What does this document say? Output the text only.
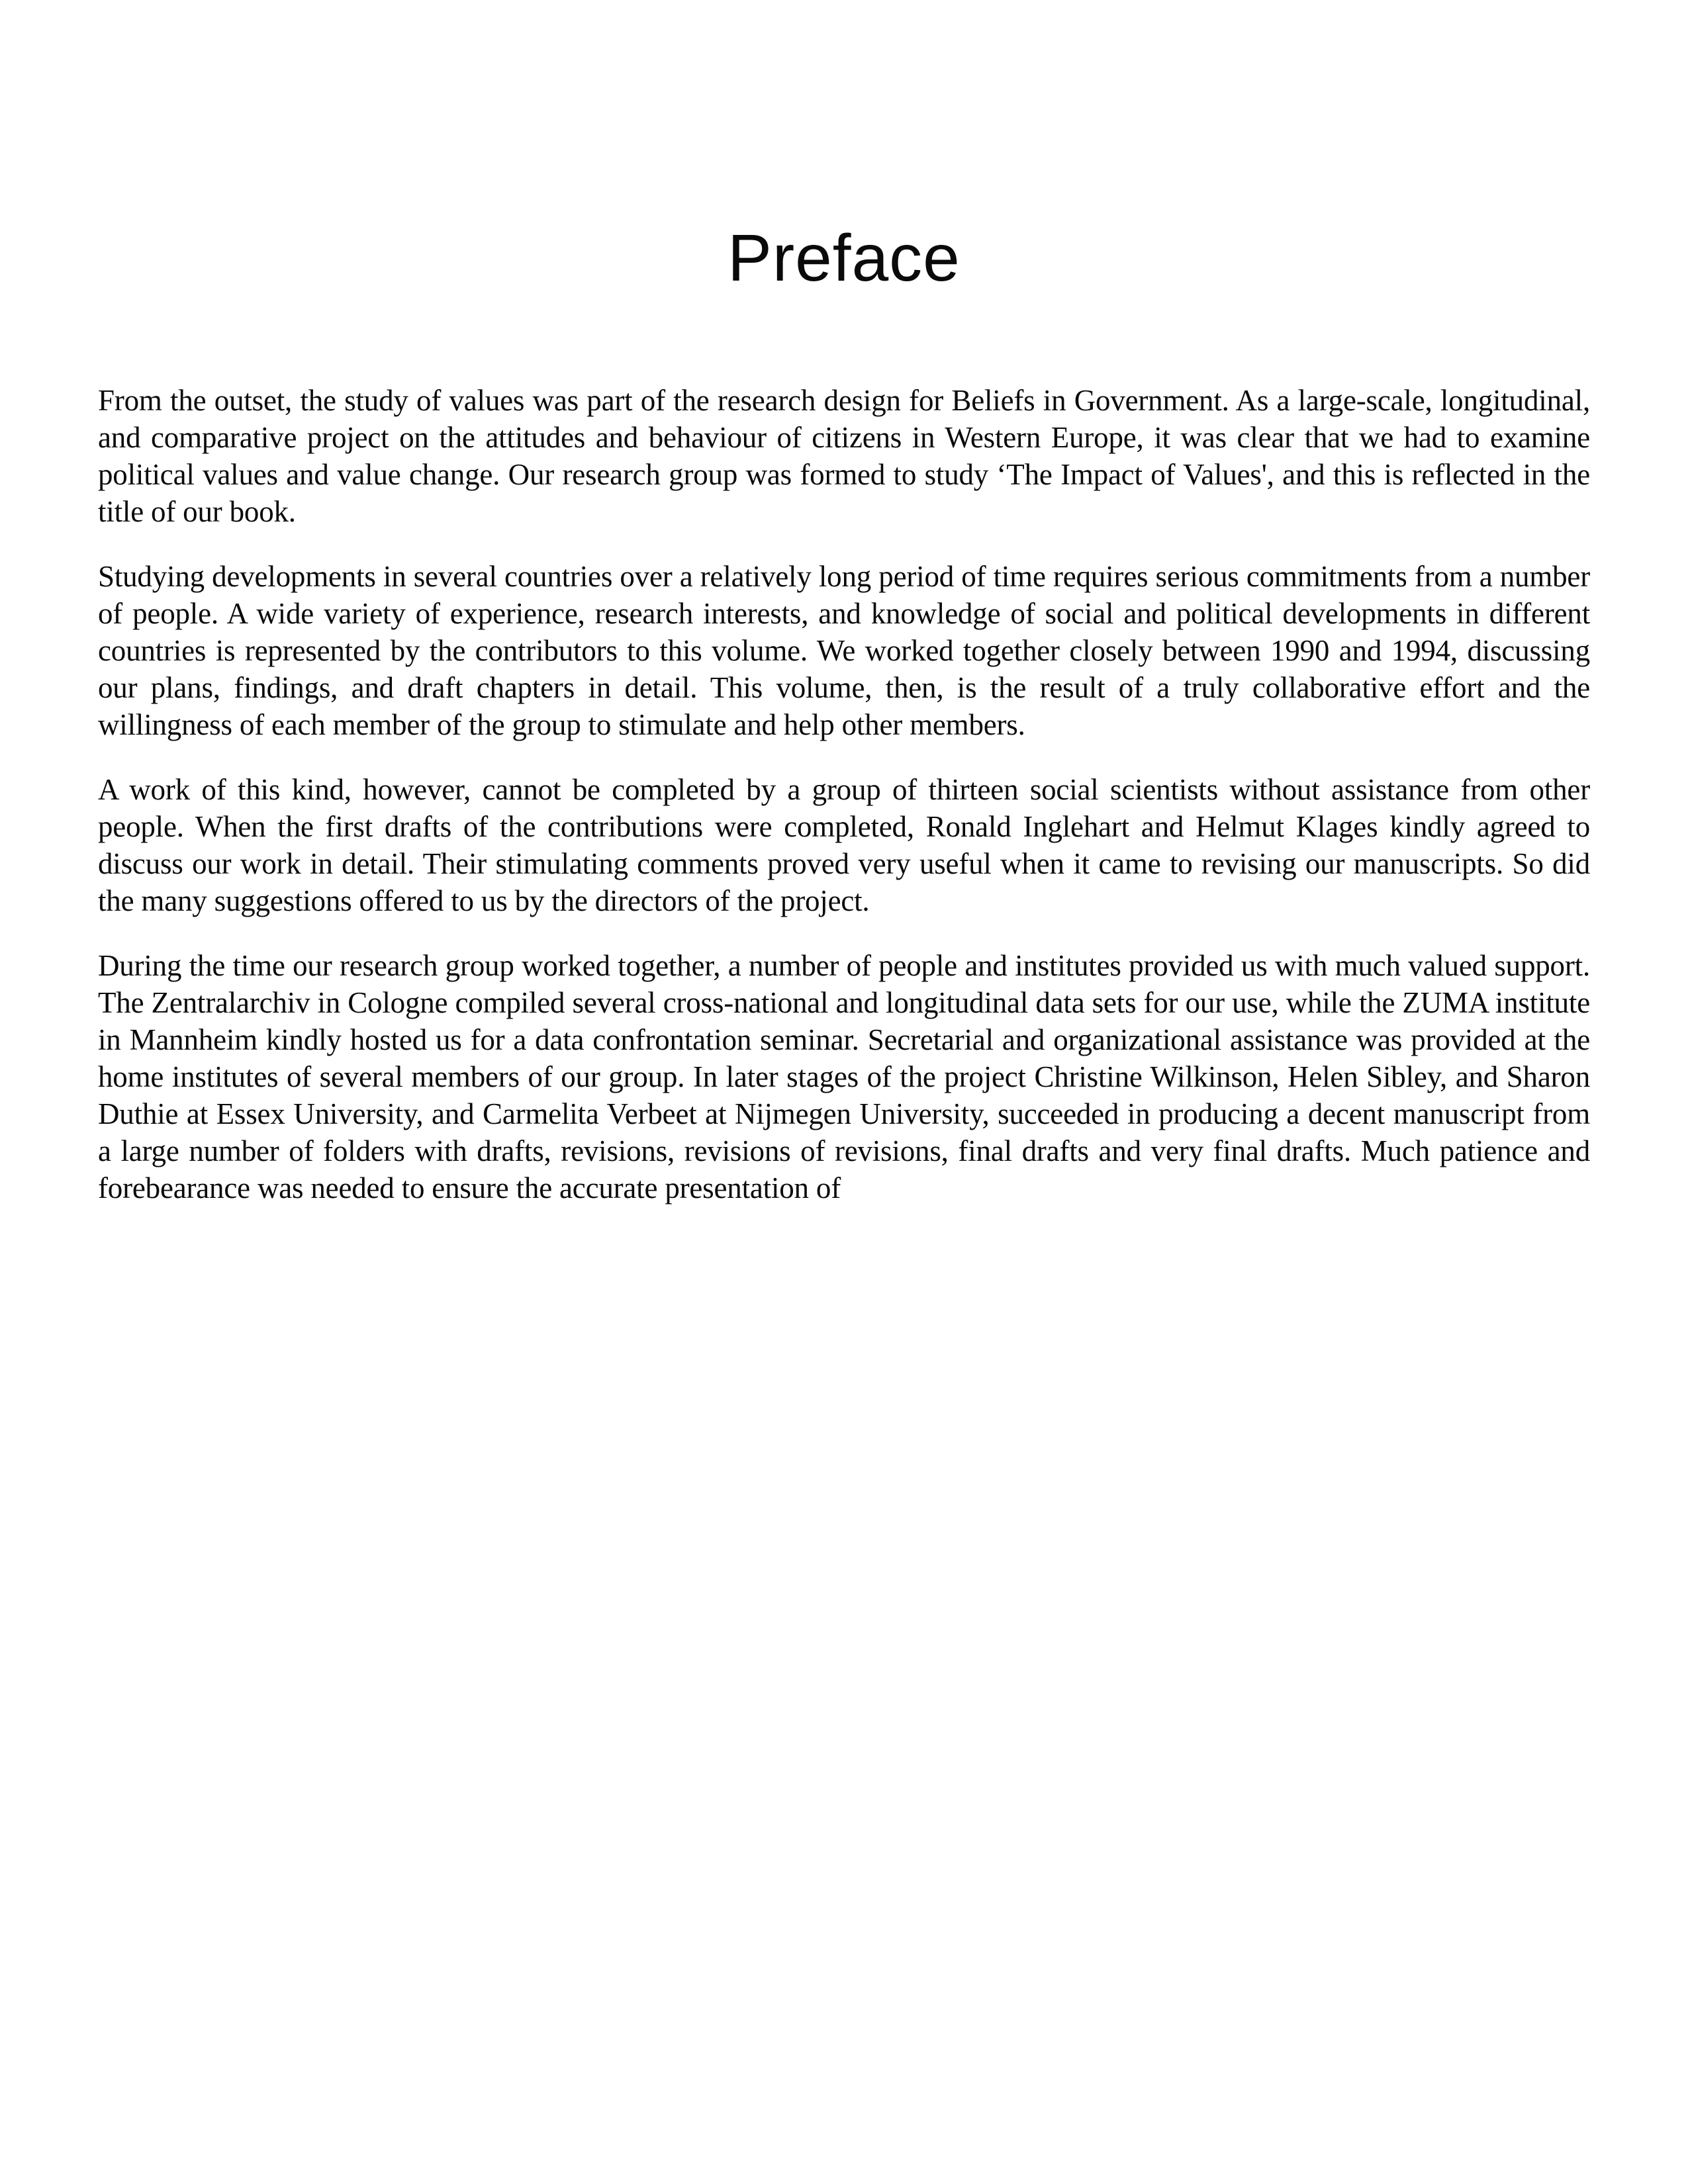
Preface

From the outset, the study of values was part of the research design for Beliefs in Government. As a large-scale, longitudinal, and comparative project on the attitudes and behaviour of citizens in Western Europe, it was clear that we had to examine political values and value change. Our research group was formed to study ‘The Impact of Values', and this is reflected in the title of our book.

Studying developments in several countries over a relatively long period of time requires serious commitments from a number of people. A wide variety of experience, research interests, and knowledge of social and political developments in different countries is represented by the contributors to this volume. We worked together closely between 1990 and 1994, discussing our plans, findings, and draft chapters in detail. This volume, then, is the result of a truly collaborative effort and the willingness of each member of the group to stimulate and help other members.

A work of this kind, however, cannot be completed by a group of thirteen social scientists without assistance from other people. When the first drafts of the contributions were completed, Ronald Inglehart and Helmut Klages kindly agreed to discuss our work in detail. Their stimulating comments proved very useful when it came to revising our manuscripts. So did the many suggestions offered to us by the directors of the project.

During the time our research group worked together, a number of people and institutes provided us with much valued support. The Zentralarchiv in Cologne compiled several cross-national and longitudinal data sets for our use, while the ZUMA institute in Mannheim kindly hosted us for a data confrontation seminar. Secretarial and organizational assistance was provided at the home institutes of several members of our group. In later stages of the project Christine Wilkinson, Helen Sibley, and Sharon Duthie at Essex University, and Carmelita Verbeet at Nijmegen University, succeeded in producing a decent manuscript from a large number of folders with drafts, revisions, revisions of revisions, final drafts and very final drafts. Much patience and forebearance was needed to ensure the accurate presentation of
